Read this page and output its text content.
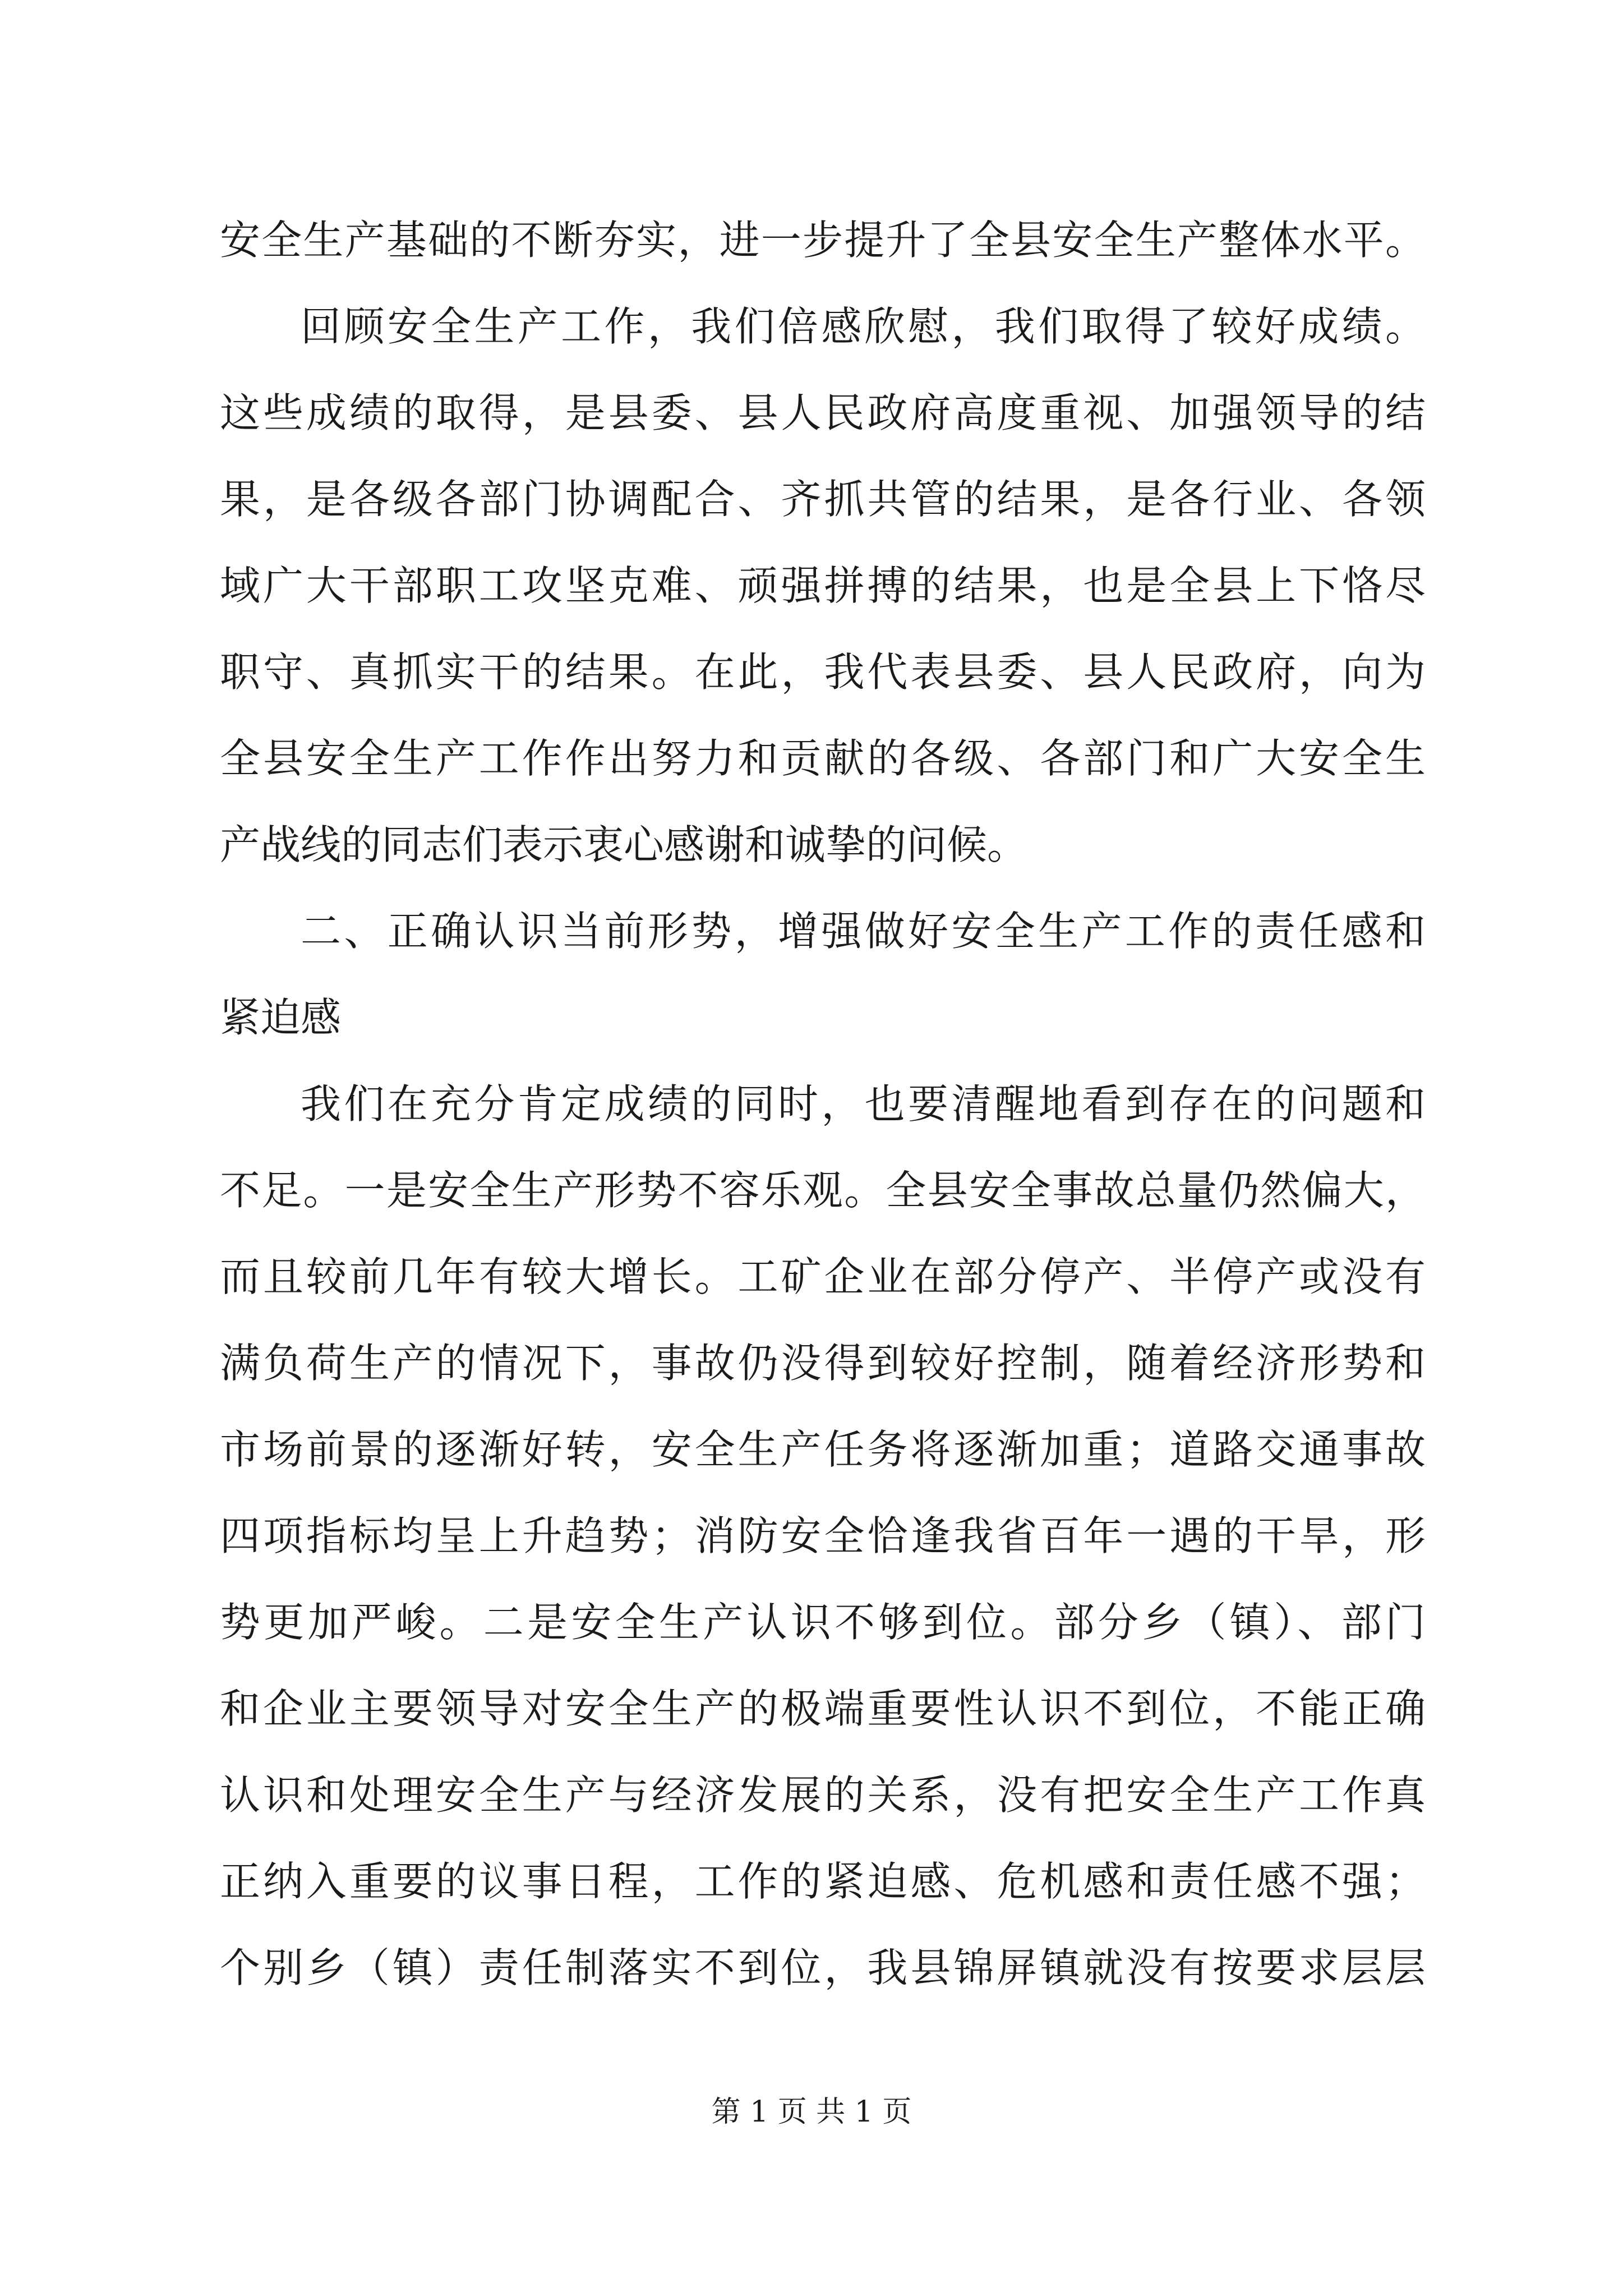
安全生产基础的不断夯实，进一步提升了全县安全生产整体水平。
回顾安全生产工作，我们倍感欣慰，我们取得了较好成绩。
这些成绩的取得，是县委、县人民政府高度重视、加强领导的结
果，是各级各部门协调配合、齐抓共管的结果，是各行业、各领
域广大干部职工攻坚克难、顽强拼搏的结果，也是全县上下恪尽
职守、真抓实干的结果。在此，我代表县委、县人民政府，向为
全县安全生产工作作出努力和贡献的各级、各部门和广大安全生
产战线的同志们表示衷心感谢和诚挚的问候。
二、正确认识当前形势，增强做好安全生产工作的责任感和
紧迫感
我们在充分肯定成绩的同时，也要清醒地看到存在的问题和
不足。一是安全生产形势不容乐观。全县安全事故总量仍然偏大，
而且较前几年有较大增长。工矿企业在部分停产、半停产或没有
满负荷生产的情况下，事故仍没得到较好控制，随着经济形势和
市场前景的逐渐好转，安全生产任务将逐渐加重；道路交通事故
四项指标均呈上升趋势；消防安全恰逢我省百年一遇的干旱，形
势更加严峻。二是安全生产认识不够到位。部分乡（镇）、部门
和企业主要领导对安全生产的极端重要性认识不到位，不能正确
认识和处理安全生产与经济发展的关系，没有把安全生产工作真
正纳入重要的议事日程，工作的紧迫感、危机感和责任感不强；
个别乡（镇）责任制落实不到位，我县锦屏镇就没有按要求层层
第 1 页 共 1 页
